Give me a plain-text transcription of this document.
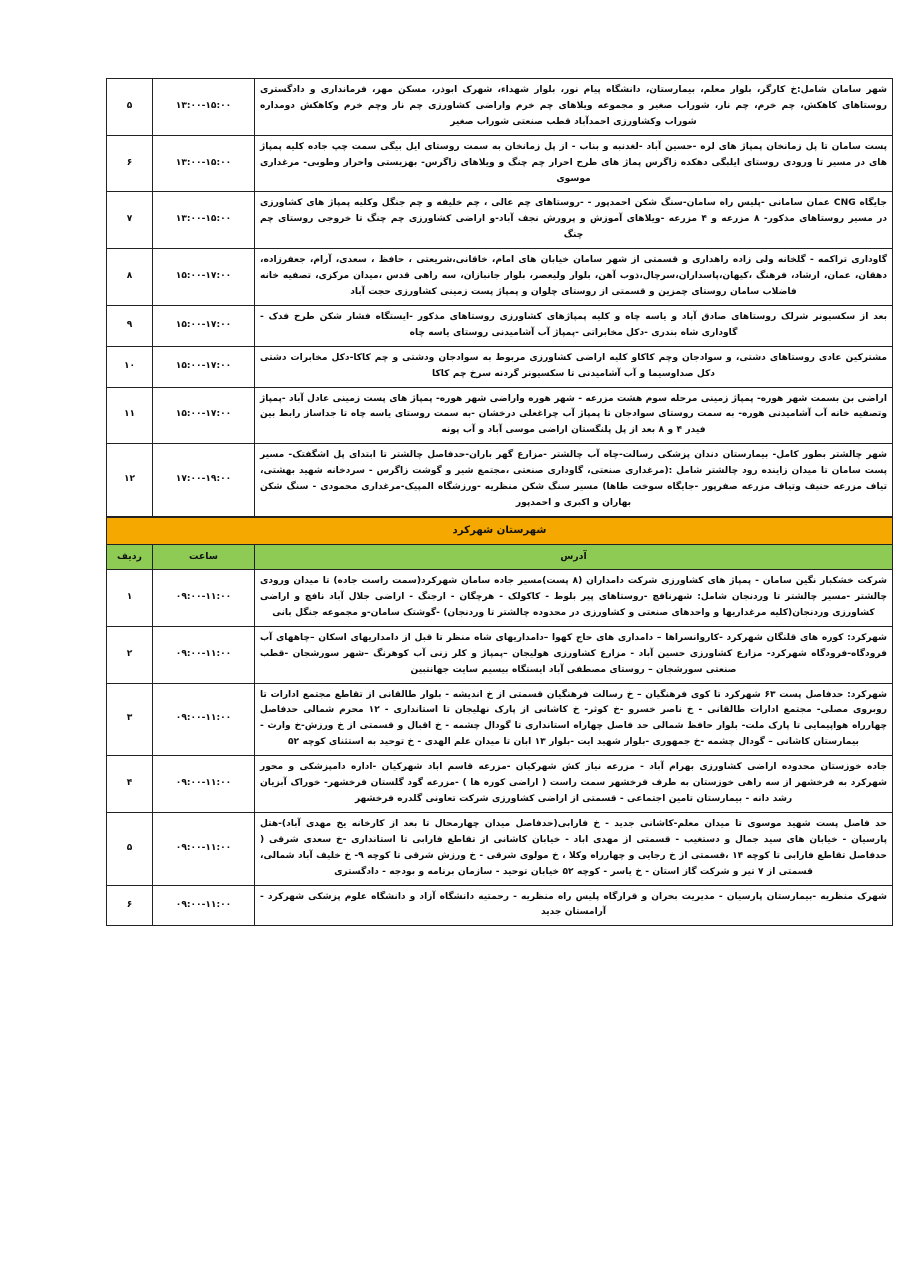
شهر سامان شامل:خ کارگر، بلوار معلم، بیمارستان، دانشگاه پیام نور، بلوار شهداء، شهرک ابوذر، مسکن مهر، فرمانداری و دادگستری روستاهای کاهکش، چم خرم، چم نار، شوراب صغیر و مجموعه ویلاهای چم خرم واراضی کشاورزی چم نار وچم خرم وکاهکش دومداره شوراب وکشاورزی احمدآباد قطب صنعتی شوراب صغیر	۱۳:۰۰-۱۵:۰۰	۵
پست سامان تا پل زمانخان پمپاژ های لره -حسین آباد -لغدنبه و بناب - از پل زمانخان به سمت روستای ایل بیگی سمت چپ جاده کلیه پمپاژ های در مسیر تا ورودی روستای ایلبگی دهکده زاگرس پماژ های طرح احرار چم چنگ و ویلاهای زاگرس- بهزیستی واحرار وطوبی- مرغداری موسوی	۱۳:۰۰-۱۵:۰۰	۶
جایگاه CNG عمان سامانی -پلیس راه سامان-سنگ شکن احمدپور - -روستاهای چم عالی ، چم خلیفه و چم جنگل وکلیه پمپاژ های کشاورزی در مسیر روستاهای مذکور- ۸ مزرعه و ۴ مزرعه -ویلاهای آموزش و پرورش نجف آباد-و اراضی کشاورزی چم چنگ تا خروجی روستای چم چنگ	۱۳:۰۰-۱۵:۰۰	۷
گاوداری تراکمه - گلخانه ولی زاده راهداری و قسمتی از شهر سامان خیابان های امام، خاقانی،شریعتی ، حافظ ، سعدی، آرام، جعفرزاده، دهقان، عمان، ارشاد، فرهنگ ،کیهان،پاسداران،سرچال،ذوب آهن، بلوار ولیعصر، بلوار جانبازان، سه راهی قدس ،میدان مرکزی، تصفیه خانه فاضلاب سامان روستای چمزین و قسمتی از روستای چلوان و پمپاژ پست زمینی کشاورزی حجت آباد	۱۵:۰۰-۱۷:۰۰	۸
بعد از سکسیونر شرلک روستاهای صادق آباد و یاسه چاه و کلیه پمپاژهای کشاورزی روستاهای مذکور -ایستگاه فشار شکن طرح فدک - گاوداری شاه بندری -دکل مخابراتی -پمپاژ آب آشامیدنی روستای یاسه چاه	۱۵:۰۰-۱۷:۰۰	۹
مشترکین عادی روستاهای دشتی، و سوادجان وچم کاکاو کلیه اراضی کشاورزی مربوط به سوادجان ودشتی و چم کاکا-دکل مخابرات دشتی دکل صداوسیما و آب آشامیدنی تا سکسیونر گردنه سرخ چم کاکا	۱۵:۰۰-۱۷:۰۰	۱۰
اراضی بن بسمت شهر هوره- پمپاژ زمینی مرحله سوم هشت مزرعه - شهر هوره واراضی شهر هوره- پمپاژ های پست زمینی عادل آباد -پمپاژ وتصفیه خانه آب آشامیدنی هوره- به سمت روستای سوادجان تا پمپاژ آب چراغعلی درخشان -به سمت روستای یاسه چاه تا جداساز رابط بین فیدر ۴ و ۸ بعد از پل پلنگستان اراضی موسی آباد و آب پونه	۱۵:۰۰-۱۷:۰۰	۱۱
شهر چالشتر بطور کامل- بیمارستان دندان پزشکی رسالت-چاه آب چالشتر -مزارع گهر باران-حدفاصل چالشتر تا ابتدای پل اشگفتک- مسیر پست سامان تا میدان زاینده رود چالشتر شامل :(مرغداری صنعتی، گاوداری صنعتی ،مجتمع شیر و گوشت زاگرس - سردخانه شهید بهشتی، تیاف مزرعه حنیف وتیاف مزرعه صفرپور -جایگاه سوخت طاها) مسیر سنگ شکن منظریه -ورزشگاه المپیک-مرغداری محمودی - سنگ شکن بهاران و اکبری و احمدپور	۱۷:۰۰-۱۹:۰۰	۱۲
شهرستان شهرکرد		
آدرس	ساعت	ردیف
شرکت خشکبار نگین سامان - پمپاژ های کشاورزی شرکت دامداران (۸ پست)مسیر جاده سامان شهرکرد(سمت راست جاده) تا میدان ورودی چالشتر -مسیر چالشتر تا وردنجان شامل: شهرنافچ -روستاهای پیر بلوط - کاکولک - هرچگان - ارجنگ - اراضی جلال آباد نافچ و اراضی کشاورزی وردنجان(کلیه مرغداریها و واحدهای صنعتی و کشاورزی در محدوده چالشتر تا وردنجان) -گوشتک سامان-و مجموعه جنگل بانی	۰۹:۰۰-۱۱:۰۰	۱
شهرکرد: کوره های قلنگان شهرکرد -کاروانسراها – دامداری های حاج کهوا –دامداریهای شاه منظر تا قبل از دامداریهای اسکان –چاههای آب فرودگاه-فرودگاه شهرکرد- مزارع کشاورزی حسین آباد - مزارع کشاورزی هولیجان –پمپاژ و کلر زنی آب کوهرنگ –شهر سورشجان -قطب صنعتی سورشجان – روستای مصطفی آباد ایستگاه بیسیم سایت جهانتبین	۰۹:۰۰-۱۱:۰۰	۲
شهرکرد: حدفاصل پست ۶۳ شهرکرد تا کوی فرهنگیان – خ رسالت فرهنگیان قسمتی از خ اندیشه - بلوار طالقانی از تقاطع مجتمع ادارات تا روبروی مصلی- مجتمع ادارات طالقانی - خ ناصر خسرو -خ کوثر- خ کاشانی از پارک نهلیجان تا استانداری - ۱۲ محرم شمالی حدفاصل چهارراه هواپیمایی تا پارک ملت- بلوار حافظ شمالی حد فاصل چهاراه استانداری تا گودال چشمه - خ اقبال و قسمتی از خ ورزش-خ وارث - بیمارستان کاشانی – گودال چشمه -خ جمهوری -بلوار شهید ایت -بلوار ۱۳ ابان تا میدان علم الهدی - خ توحید به استثنای کوچه ۵۲	۰۹:۰۰-۱۱:۰۰	۳
جاده خوزستان محدوده اراضی کشاورزی بهرام آباد - مزرعه نیاز کش شهرکیان -مزرعه قاسم اباد شهرکیان -اداره دامپزشکی و محور شهرکرد به فرخشهر از سه راهی خوزستان به طرف فرخشهر سمت راست ( اراضی کوره ها ) -مزرعه گود گلستان فرخشهر- خوراک آبزیان رشد دانه - بیمارستان تامین اجتماعی - قسمتی از اراضی کشاورزی شرکت تعاونی گلدره فرخشهر	۰۹:۰۰-۱۱:۰۰	۴
حد فاصل پست شهید موسوی تا میدان معلم-کاشانی جدید - خ فارابی(حدفاصل میدان چهارمحال تا بعد از کارخانه یخ مهدی آباد)-هتل پارسیان - خیابان های سید جمال و دستغیب - قسمتی از مهدی اباد - خیابان کاشانی از تقاطع فارابی تا استانداری -خ سعدی شرقی ( حدفاصل تقاطع فارابی تا کوچه ۱۴ ،قسمتی از خ رجایی و چهارراه وکلا ، خ مولوی شرقی - خ ورزش شرقی تا کوچه ۹- خ خلیف آباد شمالی، قسمتی از ۷ تیر و شرکت گاز استان - خ یاسر - کوچه ۵۲ خیابان توحید - سازمان برنامه و بودجه - دادگستری	۰۹:۰۰-۱۱:۰۰	۵
شهرک منظریه -بیمارستان پارسیان - مدیریت بحران و قرارگاه پلیس راه منظریه - رحمتیه دانشگاه آزاد و دانشگاه علوم پزشکی شهرکرد - آرامستان جدید	۰۹:۰۰-۱۱:۰۰	۶
